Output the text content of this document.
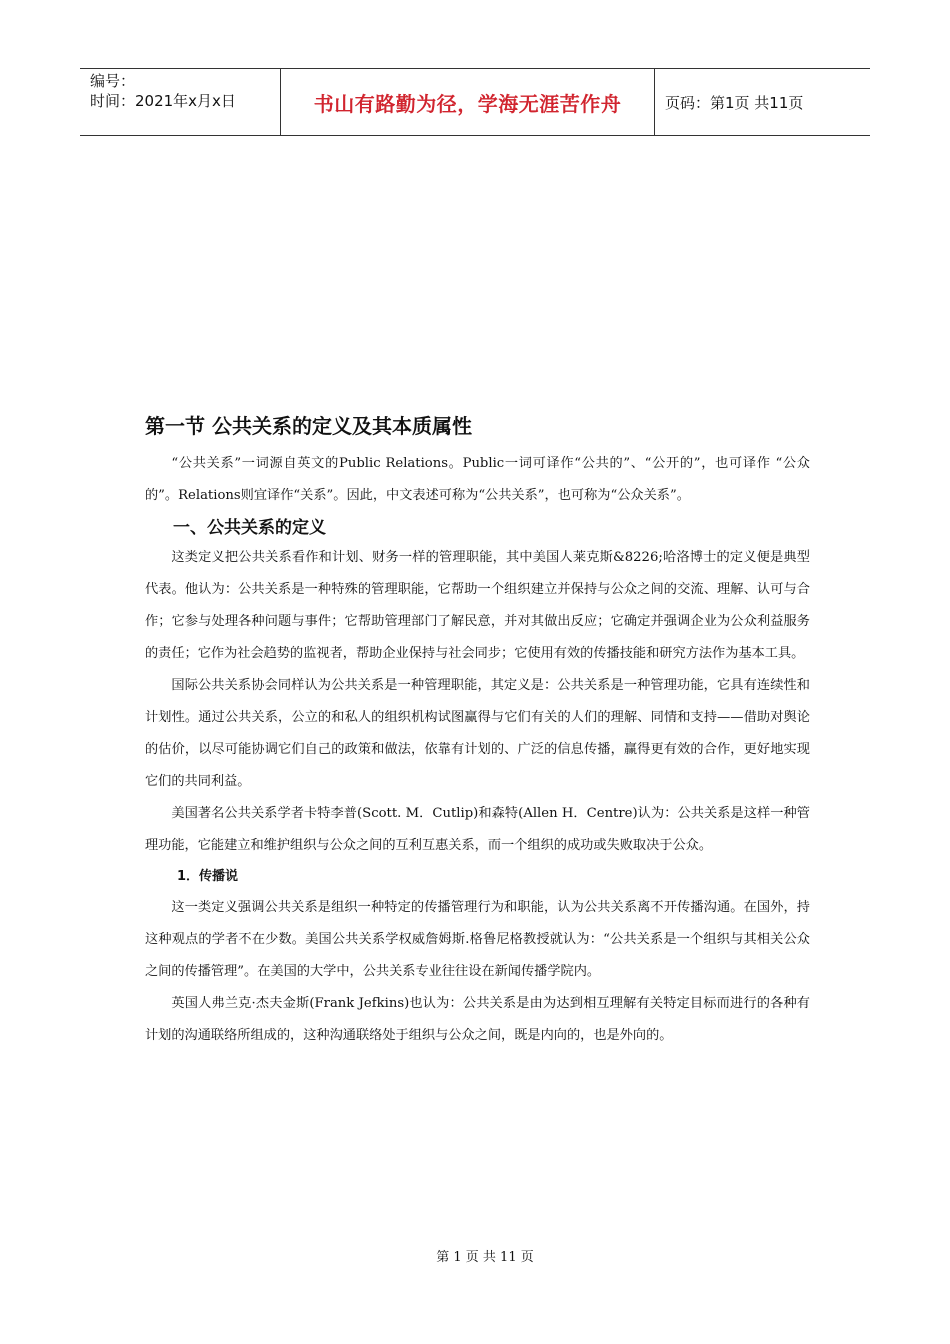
编号：
时间：2021年x月x日	书山有路勤为径，学海无涯苦作舟	页码：第1页 共11页
第一节 公共关系的定义及其本质属性

“公共关系”一词源自英文的Public Relations。Public一词可译作“公共的”、“公开的”，也可译作 “公众的”。Relations则宜译作“关系”。因此，中文表述可称为“公共关系”，也可称为“公众关系”。

一、公共关系的定义

这类定义把公共关系看作和计划、财务一样的管理职能，其中美国人莱克斯&8226;哈洛博士的定义便是典型代表。他认为：公共关系是一种特殊的管理职能，它帮助一个组织建立并保持与公众之间的交流、理解、认可与合作；它参与处理各种问题与事件；它帮助管理部门了解民意，并对其做出反应；它确定并强调企业为公众利益服务的责任；它作为社会趋势的监视者，帮助企业保持与社会同步；它使用有效的传播技能和研究方法作为基本工具。

国际公共关系协会同样认为公共关系是一种管理职能，其定义是：公共关系是一种管理功能，它具有连续性和计划性。通过公共关系，公立的和私人的组织机构试图赢得与它们有关的人们的理解、同情和支持——借助对舆论的估价，以尽可能协调它们自己的政策和做法，依靠有计划的、广泛的信息传播，赢得更有效的合作，更好地实现它们的共同利益。

美国著名公共关系学者卡特李普(Scott. M．Cutlip)和森特(Allen H．Centre)认为：公共关系是这样一种管理功能，它能建立和维护组织与公众之间的互利互惠关系，而一个组织的成功或失败取决于公众。

1．传播说

这一类定义强调公共关系是组织一种特定的传播管理行为和职能，认为公共关系离不开传播沟通。在国外，持这种观点的学者不在少数。美国公共关系学权威詹姆斯.格鲁尼格教授就认为：“公共关系是一个组织与其相关公众之间的传播管理”。在美国的大学中，公共关系专业往往设在新闻传播学院内。

英国人弗兰克·杰夫金斯(Frank Jefkins)也认为：公共关系是由为达到相互理解有关特定目标而进行的各种有计划的沟通联络所组成的，这种沟通联络处于组织与公众之间，既是内向的，也是外向的。

第 1 页 共 11 页
